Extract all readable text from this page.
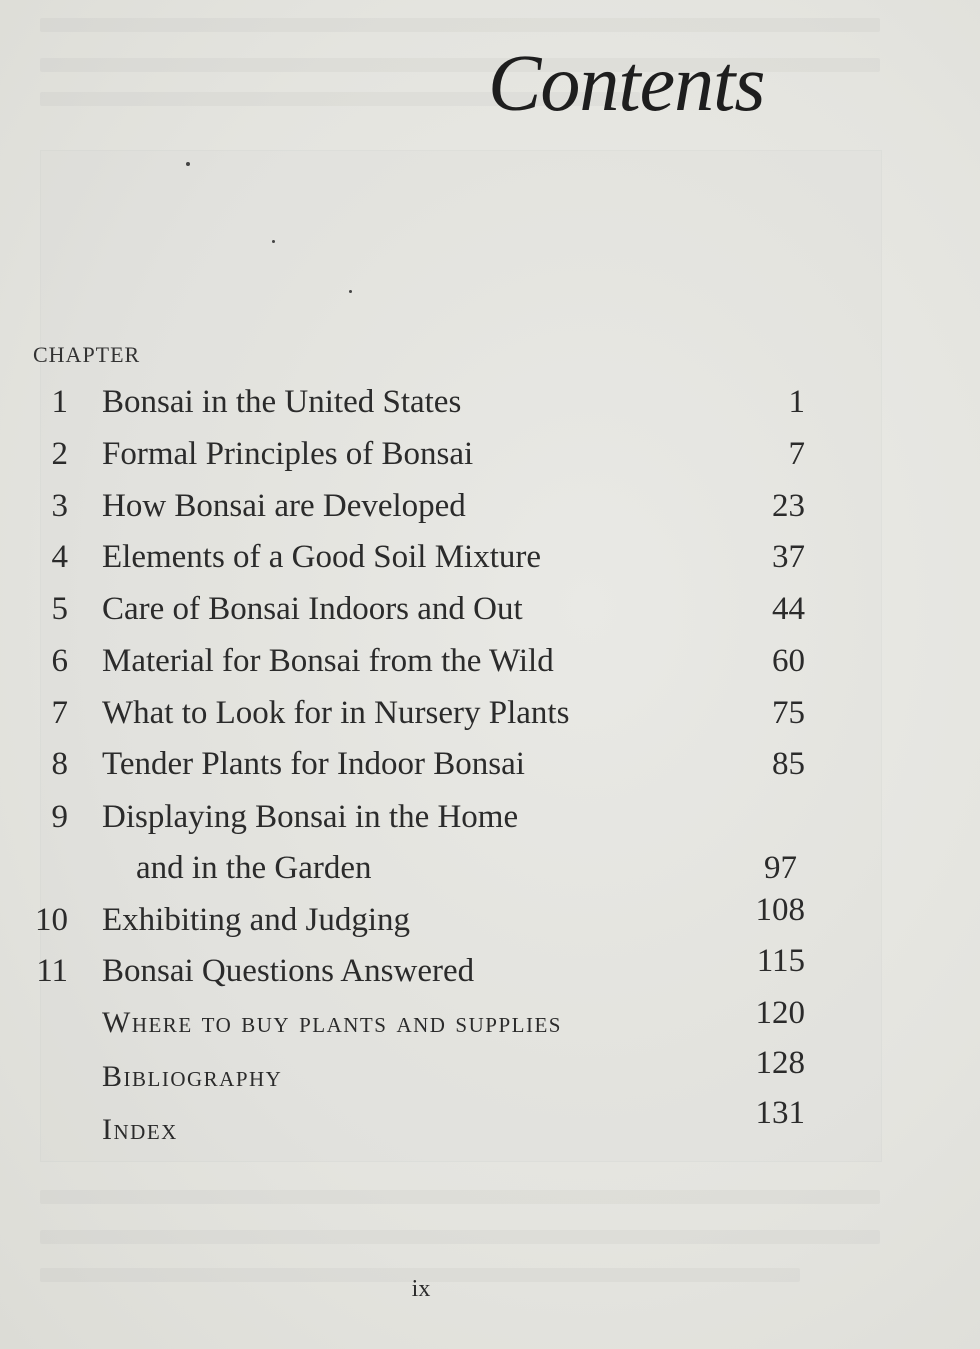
Contents
CHAPTER
1 Bonsai in the United States	1
2 Formal Principles of Bonsai	7
3 How Bonsai are Developed	23
4 Elements of a Good Soil Mixture	37
5 Care of Bonsai Indoors and Out	44
6 Material for Bonsai from the Wild	60
7 What to Look for in Nursery Plants	75
8 Tender Plants for Indoor Bonsai	85
9 Displaying Bonsai in the Home
and in the Garden	97
10 Exhibiting and Judging	108
11 Bonsai Questions Answered	115
Where to buy plants and supplies	120
Bibliography	128
Index	131
ix
